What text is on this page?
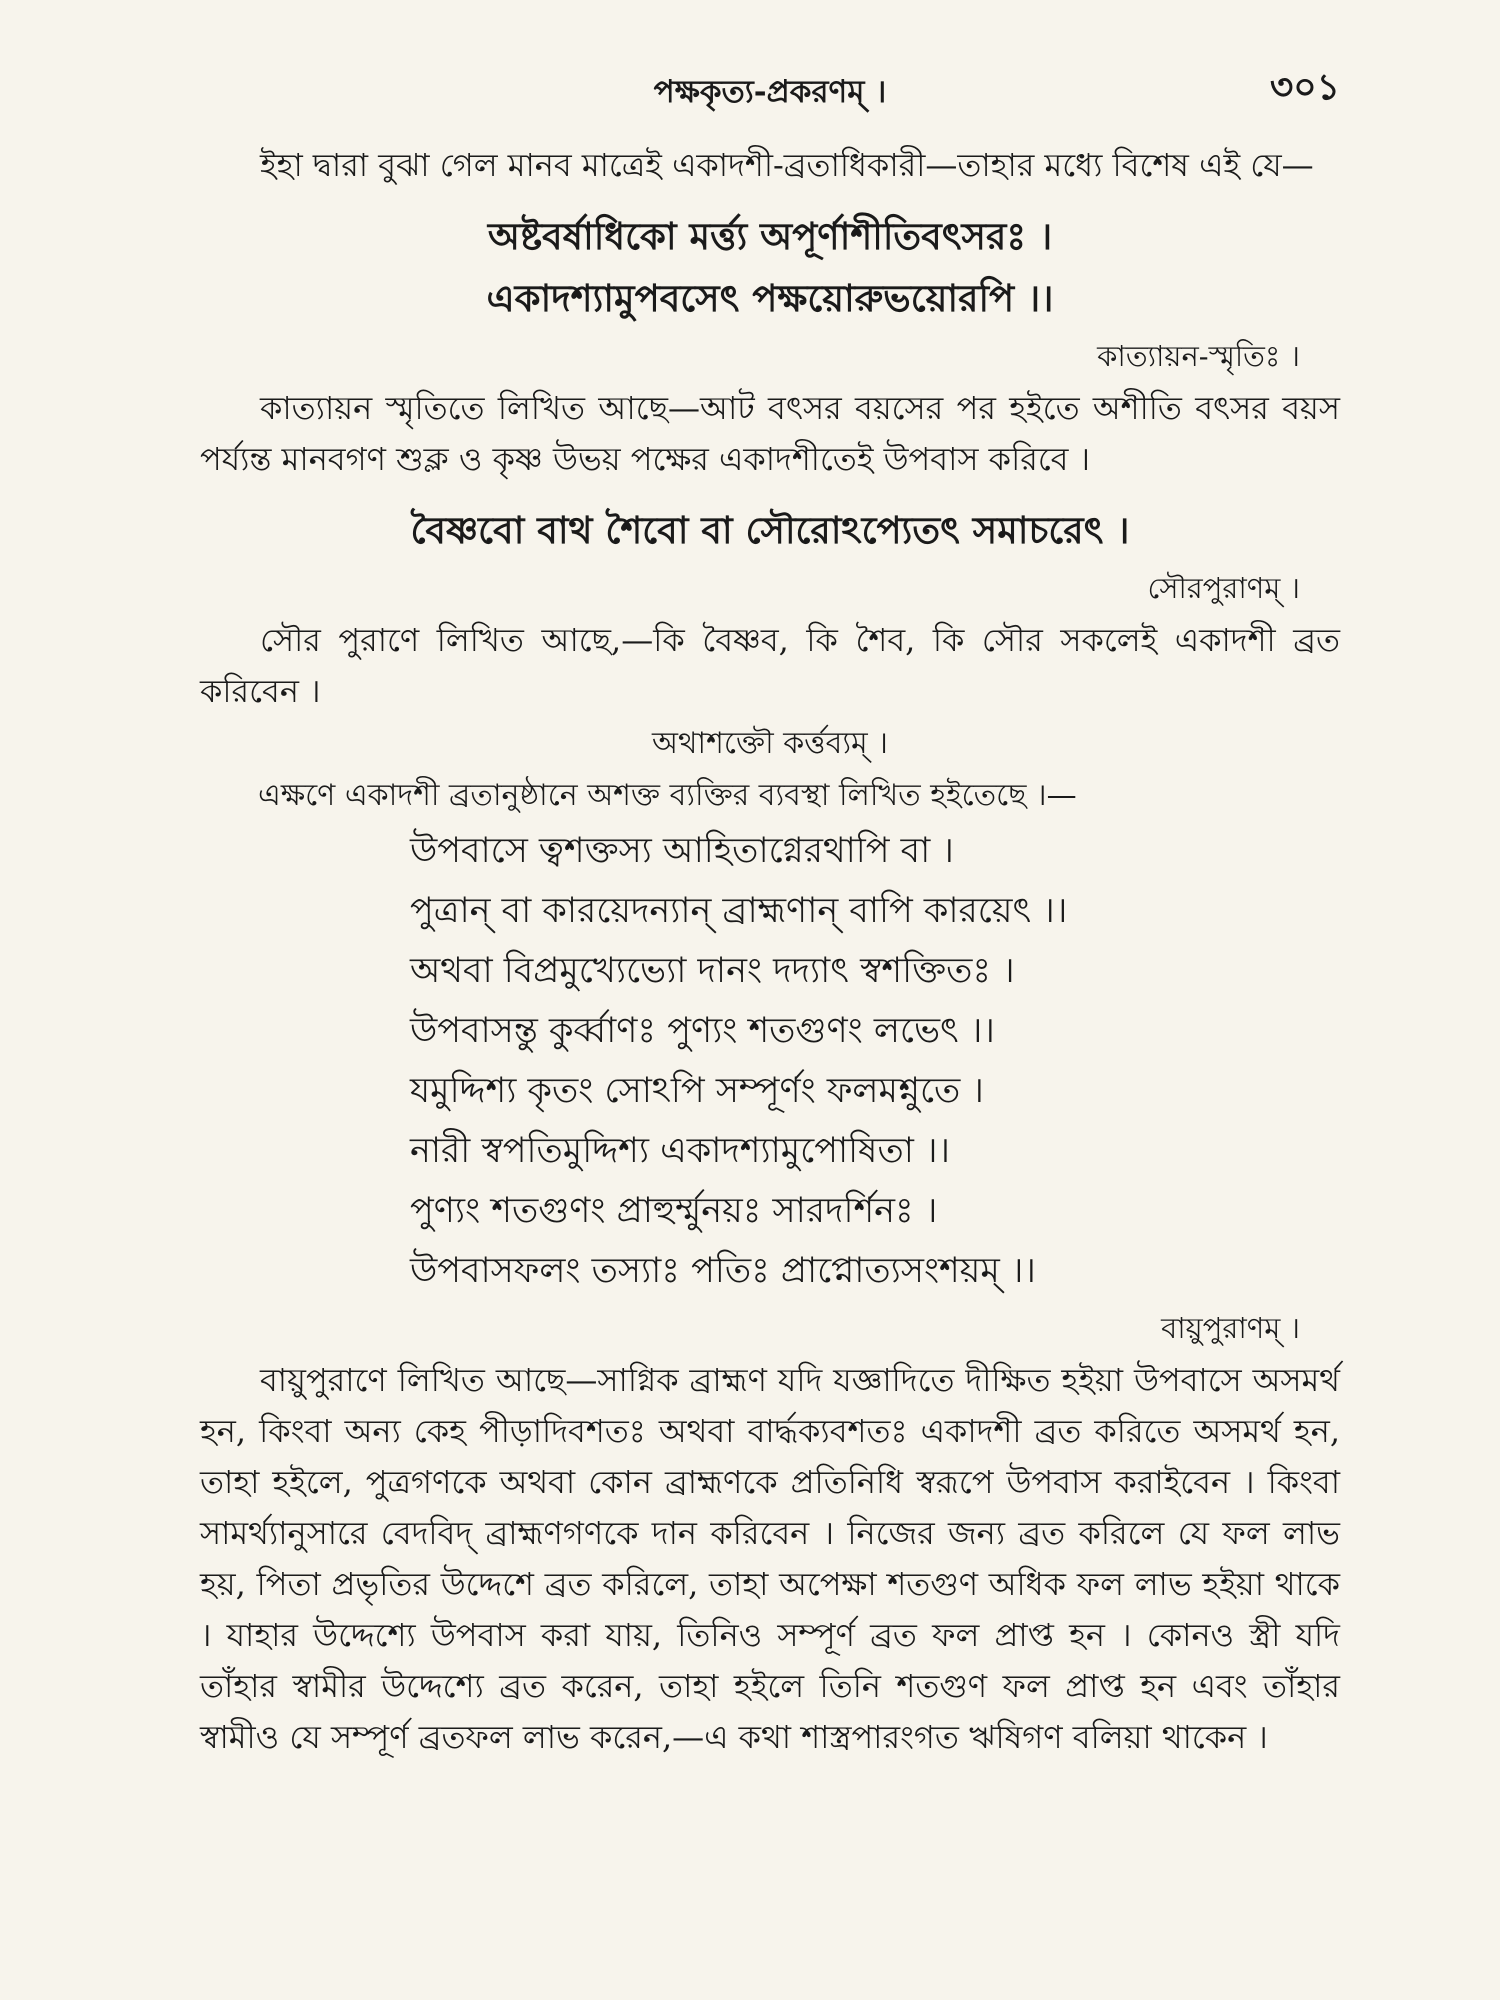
পক্ষকৃত্য-প্রকরণম্ ।	৩০১

ইহা দ্বারা বুঝা গেল মানব মাত্রেই একাদশী-ব্রতাধিকারী—তাহার মধ্যে বিশেষ এই যে—

অষ্টবর্ষাধিকো মর্ত্ত্য অপূর্ণাশীতিবৎসরঃ ।

একাদশ্যামুপবসেৎ পক্ষয়োরুভয়োরপি ।।

কাত্যায়ন-স্মৃতিঃ ।

কাত্যায়ন স্মৃতিতে লিখিত আছে—আট বৎসর বয়সের পর হইতে অশীতি বৎসর বয়স পর্য্যন্ত মানবগণ শুক্ল ও কৃষ্ণ উভয় পক্ষের একাদশীতেই উপবাস করিবে ।

বৈষ্ণবো বাথ শৈবো বা সৌরোঽপ্যেতৎ সমাচরেৎ ।

সৌরপুরাণম্ ।

সৌর পুরাণে লিখিত আছে,—কি বৈষ্ণব, কি শৈব, কি সৌর সকলেই একাদশী ব্রত করিবেন ।

অথাশক্তৌ কর্ত্তব্যম্ ।

এক্ষণে একাদশী ব্রতানুষ্ঠানে অশক্ত ব্যক্তির ব্যবস্থা লিখিত হইতেছে ।—

উপবাসে ত্বশক্তস্য আহিতাগ্নেরথাপি বা ।

পুত্রান্ বা কারয়েদন্যান্ ব্রাহ্মণান্ বাপি কারয়েৎ ।।

অথবা বিপ্রমুখ্যেভ্যো দানং দদ্যাৎ স্বশক্তিতঃ ।

উপবাসন্তু কুর্ব্বাণঃ পুণ্যং শতগুণং লভেৎ ।।

যমুদ্দিশ্য কৃতং সোঽপি সম্পূর্ণং ফলমশ্নুতে ।

নারী স্বপতিমুদ্দিশ্য একাদশ্যামুপোষিতা ।।

পুণ্যং শতগুণং প্রাহুর্ম্মুনয়ঃ সারদর্শিনঃ ।

উপবাসফলং তস্যাঃ পতিঃ প্রাপ্নোত্যসংশয়ম্ ।।

বায়ুপুরাণম্ ।

বায়ুপুরাণে লিখিত আছে—সাগ্নিক ব্রাহ্মণ যদি যজ্ঞাদিতে দীক্ষিত হইয়া উপবাসে অসমর্থ হন, কিংবা অন্য কেহ পীড়াদিবশতঃ অথবা বার্দ্ধক্যবশতঃ একাদশী ব্রত করিতে অসমর্থ হন, তাহা হইলে, পুত্রগণকে অথবা কোন ব্রাহ্মণকে প্রতিনিধি স্বরূপে উপবাস করাইবেন । কিংবা সামর্থ্যানুসারে বেদবিদ্ ব্রাহ্মণগণকে দান করিবেন । নিজের জন্য ব্রত করিলে যে ফল লাভ হয়, পিতা প্রভৃতির উদ্দেশে ব্রত করিলে, তাহা অপেক্ষা শতগুণ অধিক ফল লাভ হইয়া থাকে । যাহার উদ্দেশ্যে উপবাস করা যায়, তিনিও সম্পূর্ণ ব্রত ফল প্রাপ্ত হন । কোনও স্ত্রী যদি তাঁহার স্বামীর উদ্দেশ্যে ব্রত করেন, তাহা হইলে তিনি শতগুণ ফল প্রাপ্ত হন এবং তাঁহার স্বামীও যে সম্পূর্ণ ব্রতফল লাভ করেন,—এ কথা শাস্ত্রপারংগত ঋষিগণ বলিয়া থাকেন ।
